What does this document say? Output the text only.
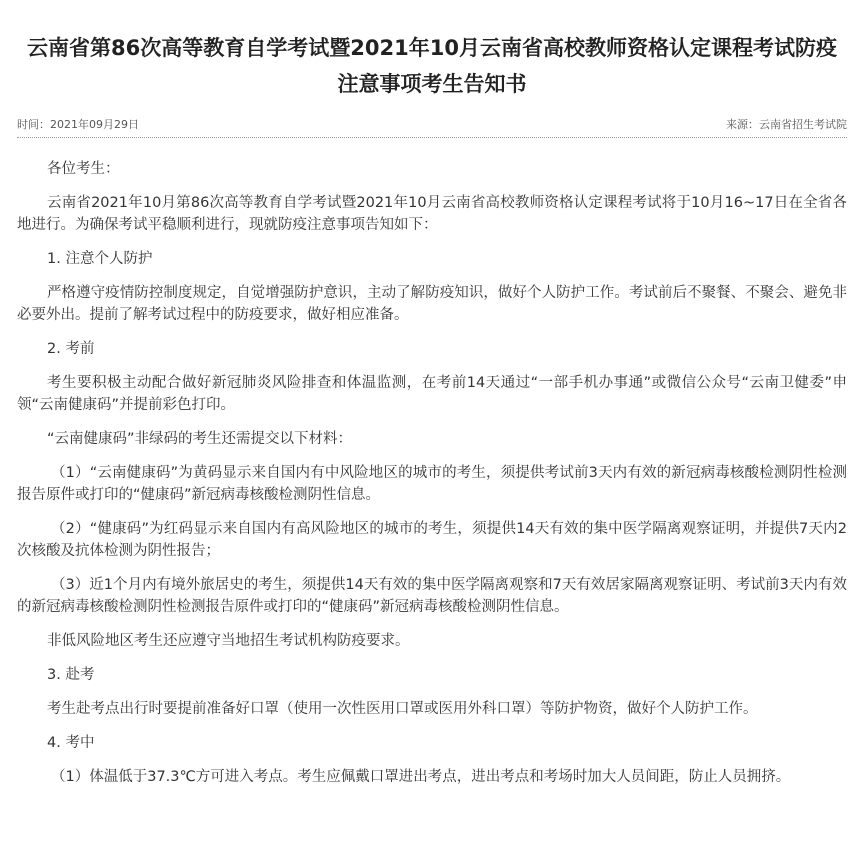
云南省第86次高等教育自学考试暨2021年10月云南省高校教师资格认定课程考试防疫注意事项考生告知书
时间：2021年09月29日	来源：云南省招生考试院

各位考生：

云南省2021年10月第86次高等教育自学考试暨2021年10月云南省高校教师资格认定课程考试将于10月16~17日在全省各地进行。为确保考试平稳顺利进行，现就防疫注意事项告知如下：

1. 注意个人防护

严格遵守疫情防控制度规定，自觉增强防护意识，主动了解防疫知识，做好个人防护工作。考试前后不聚餐、不聚会、避免非必要外出。提前了解考试过程中的防疫要求，做好相应准备。

2. 考前

考生要积极主动配合做好新冠肺炎风险排查和体温监测，在考前14天通过“一部手机办事通”或微信公众号“云南卫健委”申领“云南健康码”并提前彩色打印。

“云南健康码”非绿码的考生还需提交以下材料：

（1）“云南健康码”为黄码显示来自国内有中风险地区的城市的考生，须提供考试前3天内有效的新冠病毒核酸检测阴性检测报告原件或打印的“健康码”新冠病毒核酸检测阴性信息。

（2）“健康码”为红码显示来自国内有高风险地区的城市的考生，须提供14天有效的集中医学隔离观察证明，并提供7天内2次核酸及抗体检测为阴性报告；

（3）近1个月内有境外旅居史的考生，须提供14天有效的集中医学隔离观察和7天有效居家隔离观察证明、考试前3天内有效的新冠病毒核酸检测阴性检测报告原件或打印的“健康码”新冠病毒核酸检测阴性信息。

非低风险地区考生还应遵守当地招生考试机构防疫要求。

3. 赴考

考生赴考点出行时要提前准备好口罩（使用一次性医用口罩或医用外科口罩）等防护物资，做好个人防护工作。

4. 考中

（1）体温低于37.3℃方可进入考点。考生应佩戴口罩进出考点，进出考点和考场时加大人员间距，防止人员拥挤。
